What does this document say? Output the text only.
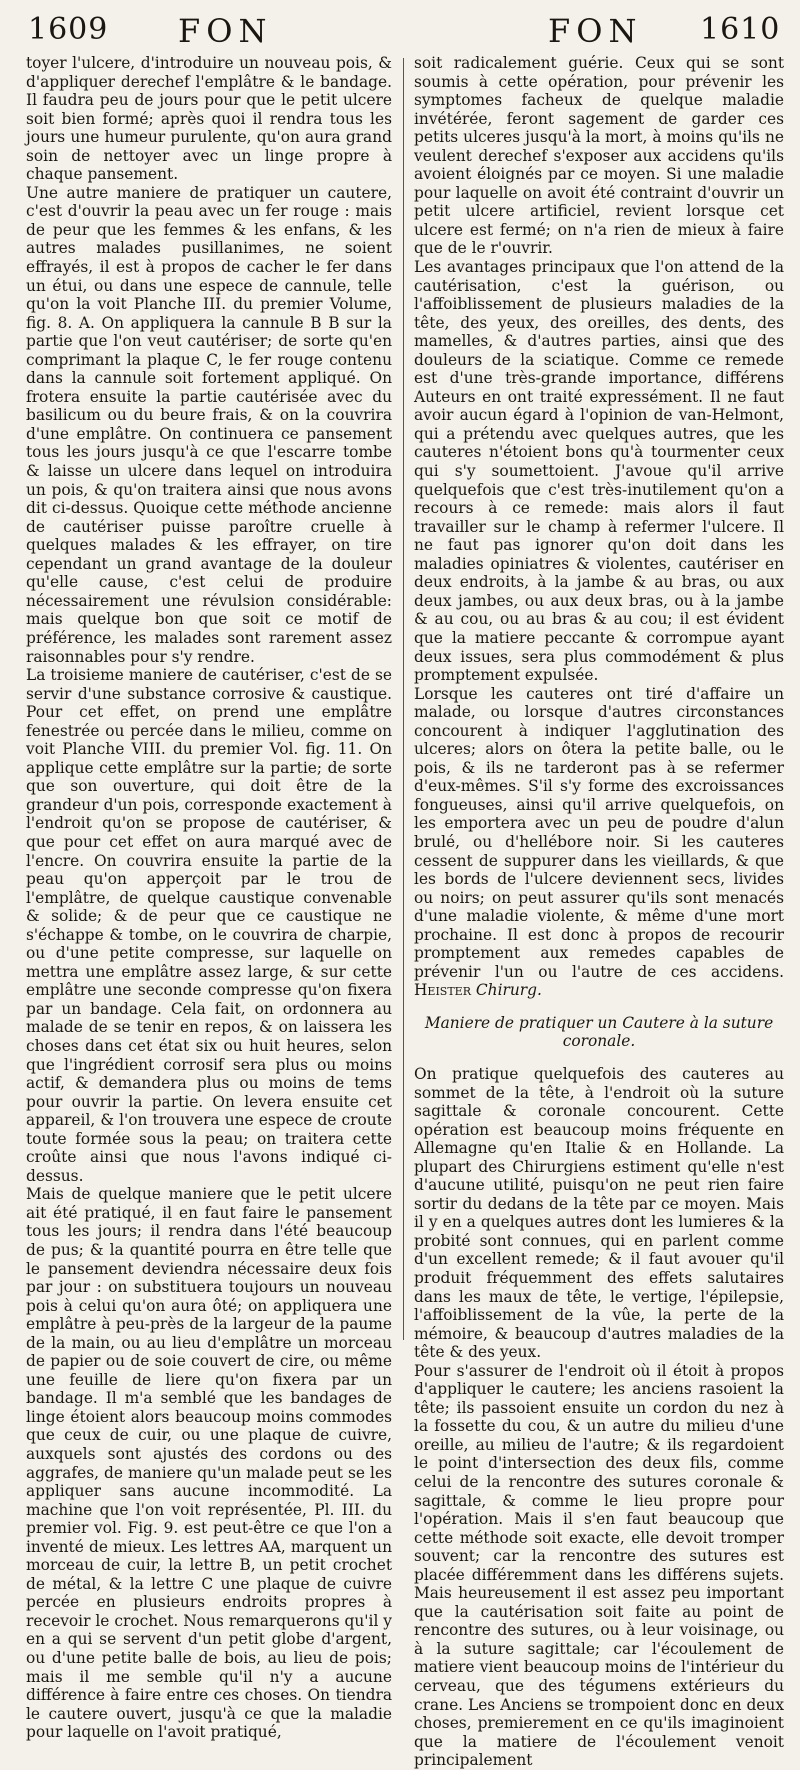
1609 FON	FON 1610

toyer l'ulcere, d'introduire un nouveau pois, & d'appliquer derechef l'emplâtre & le bandage. Il faudra peu de jours pour que le petit ulcere soit bien formé; après quoi il rendra tous les jours une humeur purulente, qu'on aura grand soin de nettoyer avec un linge propre à chaque pansement.

Une autre maniere de pratiquer un cautere, c'est d'ouvrir la peau avec un fer rouge : mais de peur que les femmes & les enfans, & les autres malades pusillanimes, ne soient effrayés, il est à propos de cacher le fer dans un étui, ou dans une espece de cannule, telle qu'on la voit Planche III. du premier Volume, fig. 8. A. On appliquera la cannule B B sur la partie que l'on veut cautériser; de sorte qu'en comprimant la plaque C, le fer rouge contenu dans la cannule soit fortement appliqué. On frotera ensuite la partie cautérisée avec du basilicum ou du beure frais, & on la couvrira d'une emplâtre. On continuera ce pansement tous les jours jusqu'à ce que l'escarre tombe & laisse un ulcere dans lequel on introduira un pois, & qu'on traitera ainsi que nous avons dit ci-dessus. Quoique cette méthode ancienne de cautériser puisse paroître cruelle à quelques malades & les effrayer, on tire cependant un grand avantage de la douleur qu'elle cause, c'est celui de produire nécessairement une révulsion considérable: mais quelque bon que soit ce motif de préférence, les malades sont rarement assez raisonnables pour s'y rendre.

La troisieme maniere de cautériser, c'est de se servir d'une substance corrosive & caustique. Pour cet effet, on prend une emplâtre fenestrée ou percée dans le milieu, comme on voit Planche VIII. du premier Vol. fig. 11. On applique cette emplâtre sur la partie; de sorte que son ouverture, qui doit être de la grandeur d'un pois, corresponde exactement à l'endroit qu'on se propose de cautériser, & que pour cet effet on aura marqué avec de l'encre. On couvrira ensuite la partie de la peau qu'on apperçoit par le trou de l'emplâtre, de quelque caustique convenable & solide; & de peur que ce caustique ne s'échappe & tombe, on le couvrira de charpie, ou d'une petite compresse, sur laquelle on mettra une emplâtre assez large, & sur cette emplâtre une seconde compresse qu'on fixera par un bandage. Cela fait, on ordonnera au malade de se tenir en repos, & on laissera les choses dans cet état six ou huit heures, selon que l'ingrédient corrosif sera plus ou moins actif, & demandera plus ou moins de tems pour ouvrir la partie. On levera ensuite cet appareil, & l'on trouvera une espece de croute toute formée sous la peau; on traitera cette croûte ainsi que nous l'avons indiqué ci-dessus.

Mais de quelque maniere que le petit ulcere ait été pratiqué, il en faut faire le pansement tous les jours; il rendra dans l'été beaucoup de pus; & la quantité pourra en être telle que le pansement deviendra nécessaire deux fois par jour : on substituera toujours un nouveau pois à celui qu'on aura ôté; on appliquera une emplâtre à peu-près de la largeur de la paume de la main, ou au lieu d'emplâtre un morceau de papier ou de soie couvert de cire, ou même une feuille de liere qu'on fixera par un bandage. Il m'a semblé que les bandages de linge étoient alors beaucoup moins commodes que ceux de cuir, ou une plaque de cuivre, auxquels sont ajustés des cordons ou des aggrafes, de maniere qu'un malade peut se les appliquer sans aucune incommodité. La machine que l'on voit représentée, Pl. III. du premier vol. Fig. 9. est peut-être ce que l'on a inventé de mieux. Les lettres AA, marquent un morceau de cuir, la lettre B, un petit crochet de métal, & la lettre C une plaque de cuivre percée en plusieurs endroits propres à recevoir le crochet. Nous remarquerons qu'il y en a qui se servent d'un petit globe d'argent, ou d'une petite balle de bois, au lieu de pois; mais il me semble qu'il n'y a aucune différence à faire entre ces choses. On tiendra le cautere ouvert, jusqu'à ce que la maladie pour laquelle on l'avoit pratiqué,

soit radicalement guérie. Ceux qui se sont soumis à cette opération, pour prévenir les symptomes facheux de quelque maladie invétérée, feront sagement de garder ces petits ulceres jusqu'à la mort, à moins qu'ils ne veulent derechef s'exposer aux accidens qu'ils avoient éloignés par ce moyen. Si une maladie pour laquelle on avoit été contraint d'ouvrir un petit ulcere artificiel, revient lorsque cet ulcere est fermé; on n'a rien de mieux à faire que de le r'ouvrir.

Les avantages principaux que l'on attend de la cautérisation, c'est la guérison, ou l'affoiblissement de plusieurs maladies de la tête, des yeux, des oreilles, des dents, des mamelles, & d'autres parties, ainsi que des douleurs de la sciatique. Comme ce remede est d'une très-grande importance, différens Auteurs en ont traité expressément. Il ne faut avoir aucun égard à l'opinion de van-Helmont, qui a prétendu avec quelques autres, que les cauteres n'étoient bons qu'à tourmenter ceux qui s'y soumettoient. J'avoue qu'il arrive quelquefois que c'est très-inutilement qu'on a recours à ce remede: mais alors il faut travailler sur le champ à refermer l'ulcere. Il ne faut pas ignorer qu'on doit dans les maladies opiniatres & violentes, cautériser en deux endroits, à la jambe & au bras, ou aux deux jambes, ou aux deux bras, ou à la jambe & au cou, ou au bras & au cou; il est évident que la matiere peccante & corrompue ayant deux issues, sera plus commodément & plus promptement expulsée.

Lorsque les cauteres ont tiré d'affaire un malade, ou lorsque d'autres circonstances concourent à indiquer l'agglutination des ulceres; alors on ôtera la petite balle, ou le pois, & ils ne tarderont pas à se refermer d'eux-mêmes. S'il s'y forme des excroissances fongueuses, ainsi qu'il arrive quelquefois, on les emportera avec un peu de poudre d'alun brulé, ou d'hellébore noir. Si les cauteres cessent de suppurer dans les vieillards, & que les bords de l'ulcere deviennent secs, livides ou noirs; on peut assurer qu'ils sont menacés d'une maladie violente, & même d'une mort prochaine. Il est donc à propos de recourir promptement aux remedes capables de prévenir l'un ou l'autre de ces accidens. Heister Chirurg.

Maniere de pratiquer un Cautere à la suture coronale.

On pratique quelquefois des cauteres au sommet de la tête, à l'endroit où la suture sagittale & coronale concourent. Cette opération est beaucoup moins fréquente en Allemagne qu'en Italie & en Hollande. La plupart des Chirurgiens estiment qu'elle n'est d'aucune utilité, puisqu'on ne peut rien faire sortir du dedans de la tête par ce moyen. Mais il y en a quelques autres dont les lumieres & la probité sont connues, qui en parlent comme d'un excellent remede; & il faut avouer qu'il produit fréquemment des effets salutaires dans les maux de tête, le vertige, l'épilepsie, l'affoiblissement de la vûe, la perte de la mémoire, & beaucoup d'autres maladies de la tête & des yeux.

Pour s'assurer de l'endroit où il étoit à propos d'appliquer le cautere; les anciens rasoient la tête; ils passoient ensuite un cordon du nez à la fossette du cou, & un autre du milieu d'une oreille, au milieu de l'autre; & ils regardoient le point d'intersection des deux fils, comme celui de la rencontre des sutures coronale & sagittale, & comme le lieu propre pour l'opération. Mais il s'en faut beaucoup que cette méthode soit exacte, elle devoit tromper souvent; car la rencontre des sutures est placée différemment dans les différens sujets. Mais heureusement il est assez peu important que la cautérisation soit faite au point de rencontre des sutures, ou à leur voisinage, ou à la suture sagittale; car l'écoulement de matiere vient beaucoup moins de l'intérieur du cerveau, que des tégumens extérieurs du crane. Les Anciens se trompoient donc en deux choses, premierement en ce qu'ils imaginoient que la matiere de l'écoulement venoit principalement
